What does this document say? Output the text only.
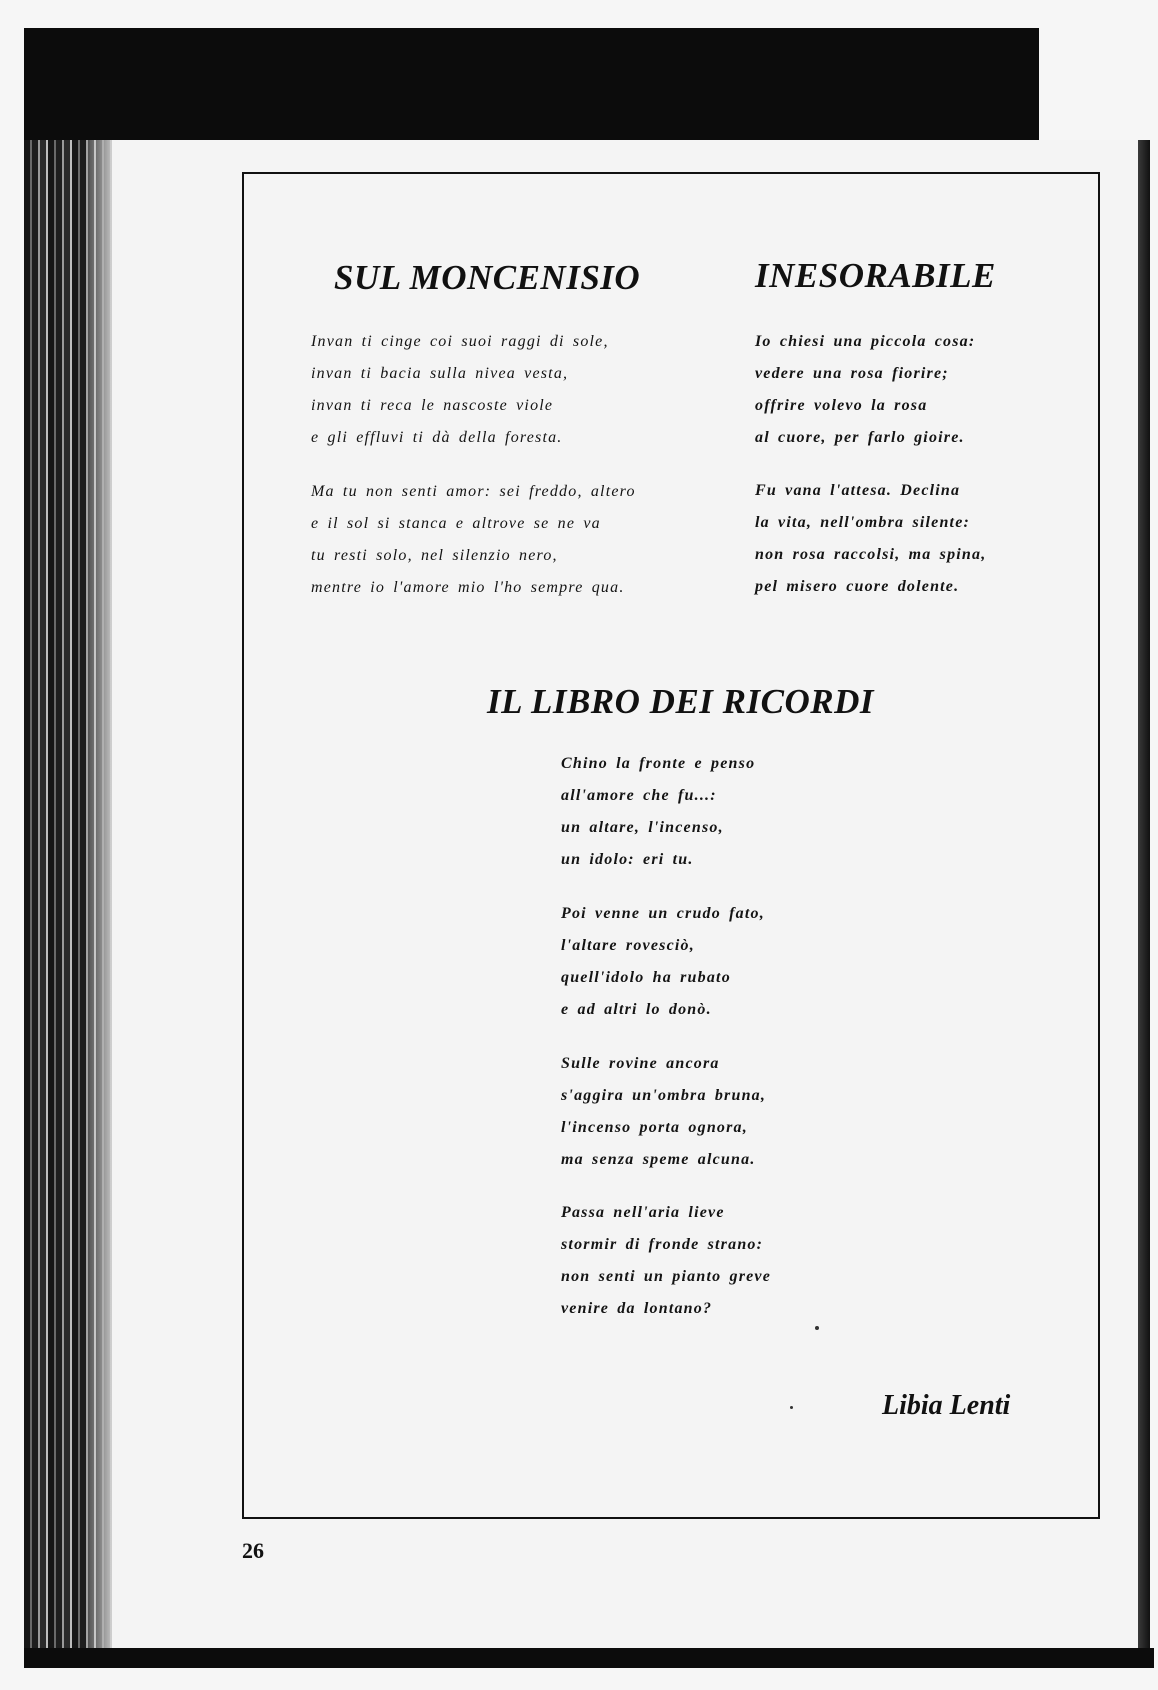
SUL MONCENISIO
Invan ti cinge coi suoi raggi di sole,
invan ti bacia sulla nivea vesta,
invan ti reca le nascoste viole
e gli effluvi ti dà della foresta.
Ma tu non senti amor: sei freddo, altero
e il sol si stanca e altrove se ne va
tu resti solo, nel silenzio nero,
mentre io l'amore mio l'ho sempre qua.
INESORABILE
Io chiesi una piccola cosa:
vedere una rosa fiorire;
offrire volevo la rosa
al cuore, per farlo gioire.
Fu vana l'attesa. Declina
la vita, nell'ombra silente:
non rosa raccolsi, ma spina,
pel misero cuore dolente.
IL LIBRO DEI RICORDI
Chino la fronte e penso
all'amore che fu...:
un altare, l'incenso,
un idolo: eri tu.
Poi venne un crudo fato,
l'altare rovesciò,
quell'idolo ha rubato
e ad altri lo donò.
Sulle rovine ancora
s'aggira un'ombra bruna,
l'incenso porta ognora,
ma senza speme alcuna.
Passa nell'aria lieve
stormir di fronde strano:
non senti un pianto greve
venire da lontano?
Libia Lenti
26
